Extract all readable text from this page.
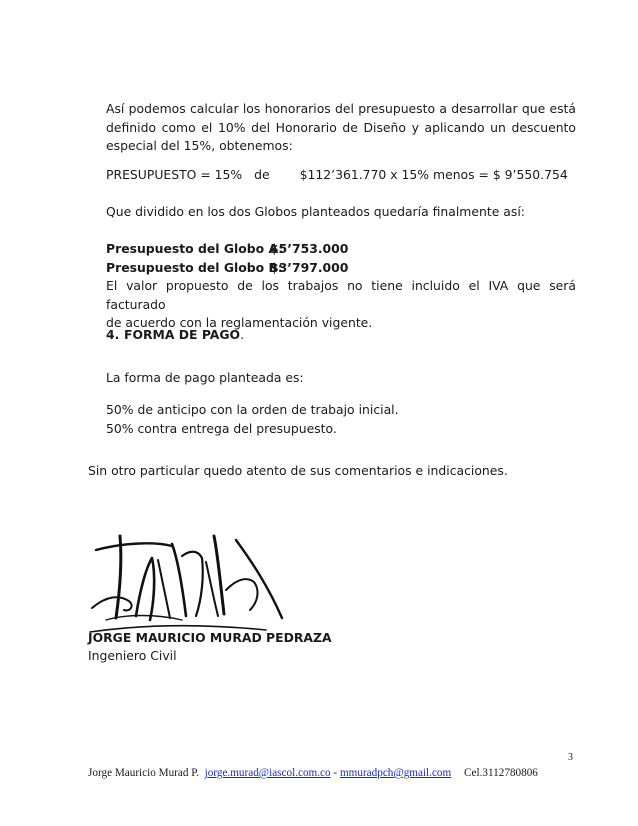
Así podemos calcular los honorarios del presupuesto a desarrollar que está
definido como el 10% del Honorario de Diseño y aplicando un descuento
especial del 15%, obtenemos:
PRESUPUESTO = 15% de $112’361.770 x 15% menos = $ 9’550.754
Que dividido en los dos Globos planteados quedaría finalmente así:
Presupuesto del Globo A:$5’753.000
Presupuesto del Globo B:$3’797.000
El valor propuesto de los trabajos no tiene incluido el IVA que será facturado
de acuerdo con la reglamentación vigente.
4. FORMA DE PAGO.
La forma de pago planteada es:
50% de anticipo con la orden de trabajo inicial.
50% contra entrega del presupuesto.
Sin otro particular quedo atento de sus comentarios e indicaciones.
JORGE MAURICIO MURAD PEDRAZA
Ingeniero Civil
3
Jorge Mauricio Murad P. jorge.murad@iascol.com.co - mmuradpch@gmail.com Cel.3112780806
